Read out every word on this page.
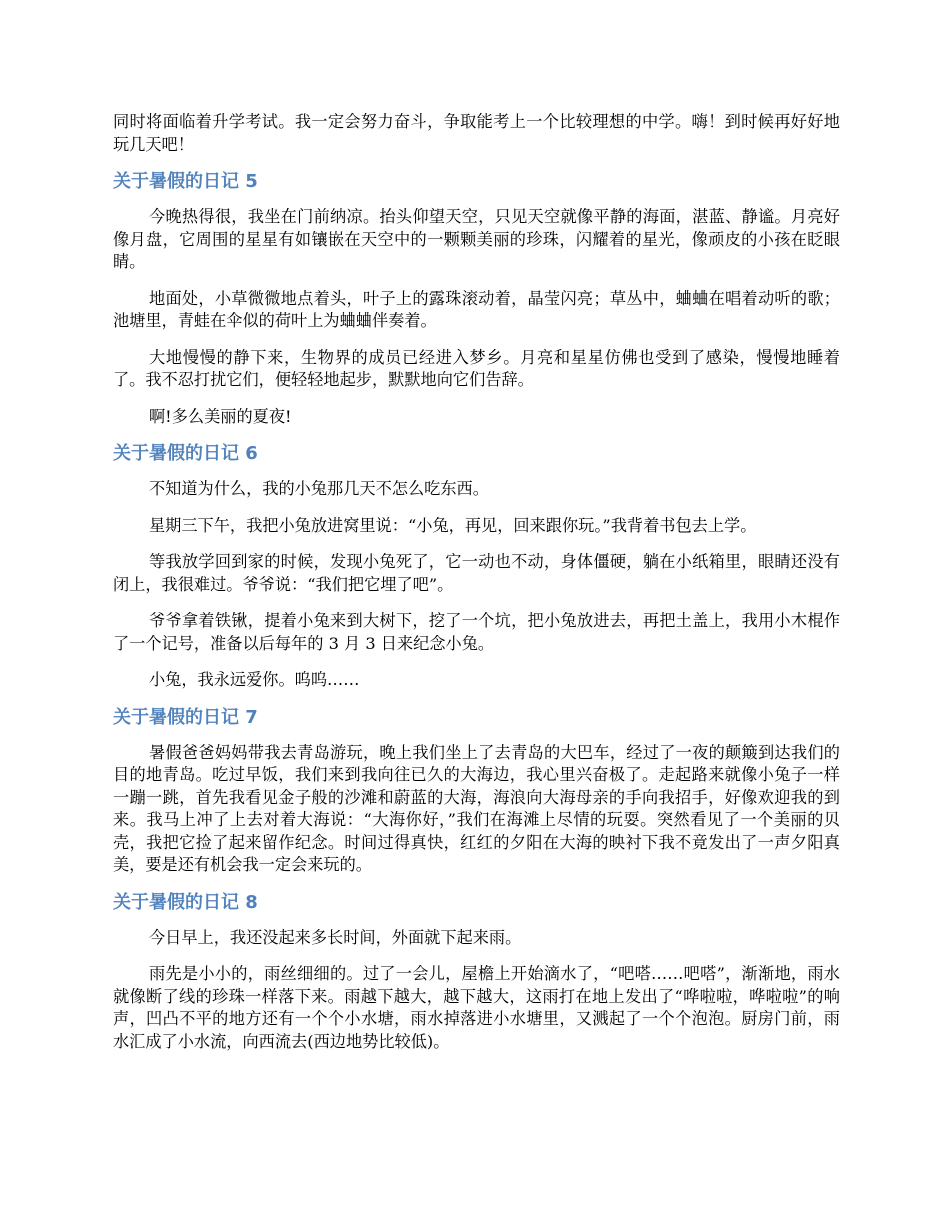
同时将面临着升学考试。我一定会努力奋斗，争取能考上一个比较理想的中学。嗨！到时候再好好地玩几天吧！

关于暑假的日记 5

今晚热得很，我坐在门前纳凉。抬头仰望天空，只见天空就像平静的海面，湛蓝、静谧。月亮好像月盘，它周围的星星有如镶嵌在天空中的一颗颗美丽的珍珠，闪耀着的星光，像顽皮的小孩在眨眼睛。

地面处，小草微微地点着头，叶子上的露珠滚动着，晶莹闪亮；草丛中，蛐蛐在唱着动听的歌；池塘里，青蛙在伞似的荷叶上为蛐蛐伴奏着。

大地慢慢的静下来，生物界的成员已经进入梦乡。月亮和星星仿佛也受到了感染，慢慢地睡着了。我不忍打扰它们，便轻轻地起步，默默地向它们告辞。

啊!多么美丽的夏夜!

关于暑假的日记 6

不知道为什么，我的小兔那几天不怎么吃东西。

星期三下午，我把小兔放进窝里说：“小兔，再见，回来跟你玩。”我背着书包去上学。

等我放学回到家的时候，发现小兔死了，它一动也不动，身体僵硬，躺在小纸箱里，眼睛还没有闭上，我很难过。爷爷说：“我们把它埋了吧”。

爷爷拿着铁锹，提着小兔来到大树下，挖了一个坑，把小兔放进去，再把土盖上，我用小木棍作了一个记号，准备以后每年的 3 月 3 日来纪念小兔。

小兔，我永远爱你。呜呜……

关于暑假的日记 7

暑假爸爸妈妈带我去青岛游玩，晚上我们坐上了去青岛的大巴车，经过了一夜的颠簸到达我们的目的地青岛。吃过早饭，我们来到我向往已久的大海边，我心里兴奋极了。走起路来就像小兔子一样一蹦一跳，首先我看见金子般的沙滩和蔚蓝的大海，海浪向大海母亲的手向我招手，好像欢迎我的到来。我马上冲了上去对着大海说：“大海你好，”我们在海滩上尽情的玩耍。突然看见了一个美丽的贝壳，我把它捡了起来留作纪念。时间过得真快，红红的夕阳在大海的映衬下我不竟发出了一声夕阳真美，要是还有机会我一定会来玩的。

关于暑假的日记 8

今日早上，我还没起来多长时间，外面就下起来雨。

雨先是小小的，雨丝细细的。过了一会儿，屋檐上开始滴水了，“吧嗒……吧嗒”，渐渐地，雨水就像断了线的珍珠一样落下来。雨越下越大，越下越大，这雨打在地上发出了“哗啦啦，哗啦啦”的响声，凹凸不平的地方还有一个个小水塘，雨水掉落进小水塘里，又溅起了一个个泡泡。厨房门前，雨水汇成了小水流，向西流去(西边地势比较低)。
